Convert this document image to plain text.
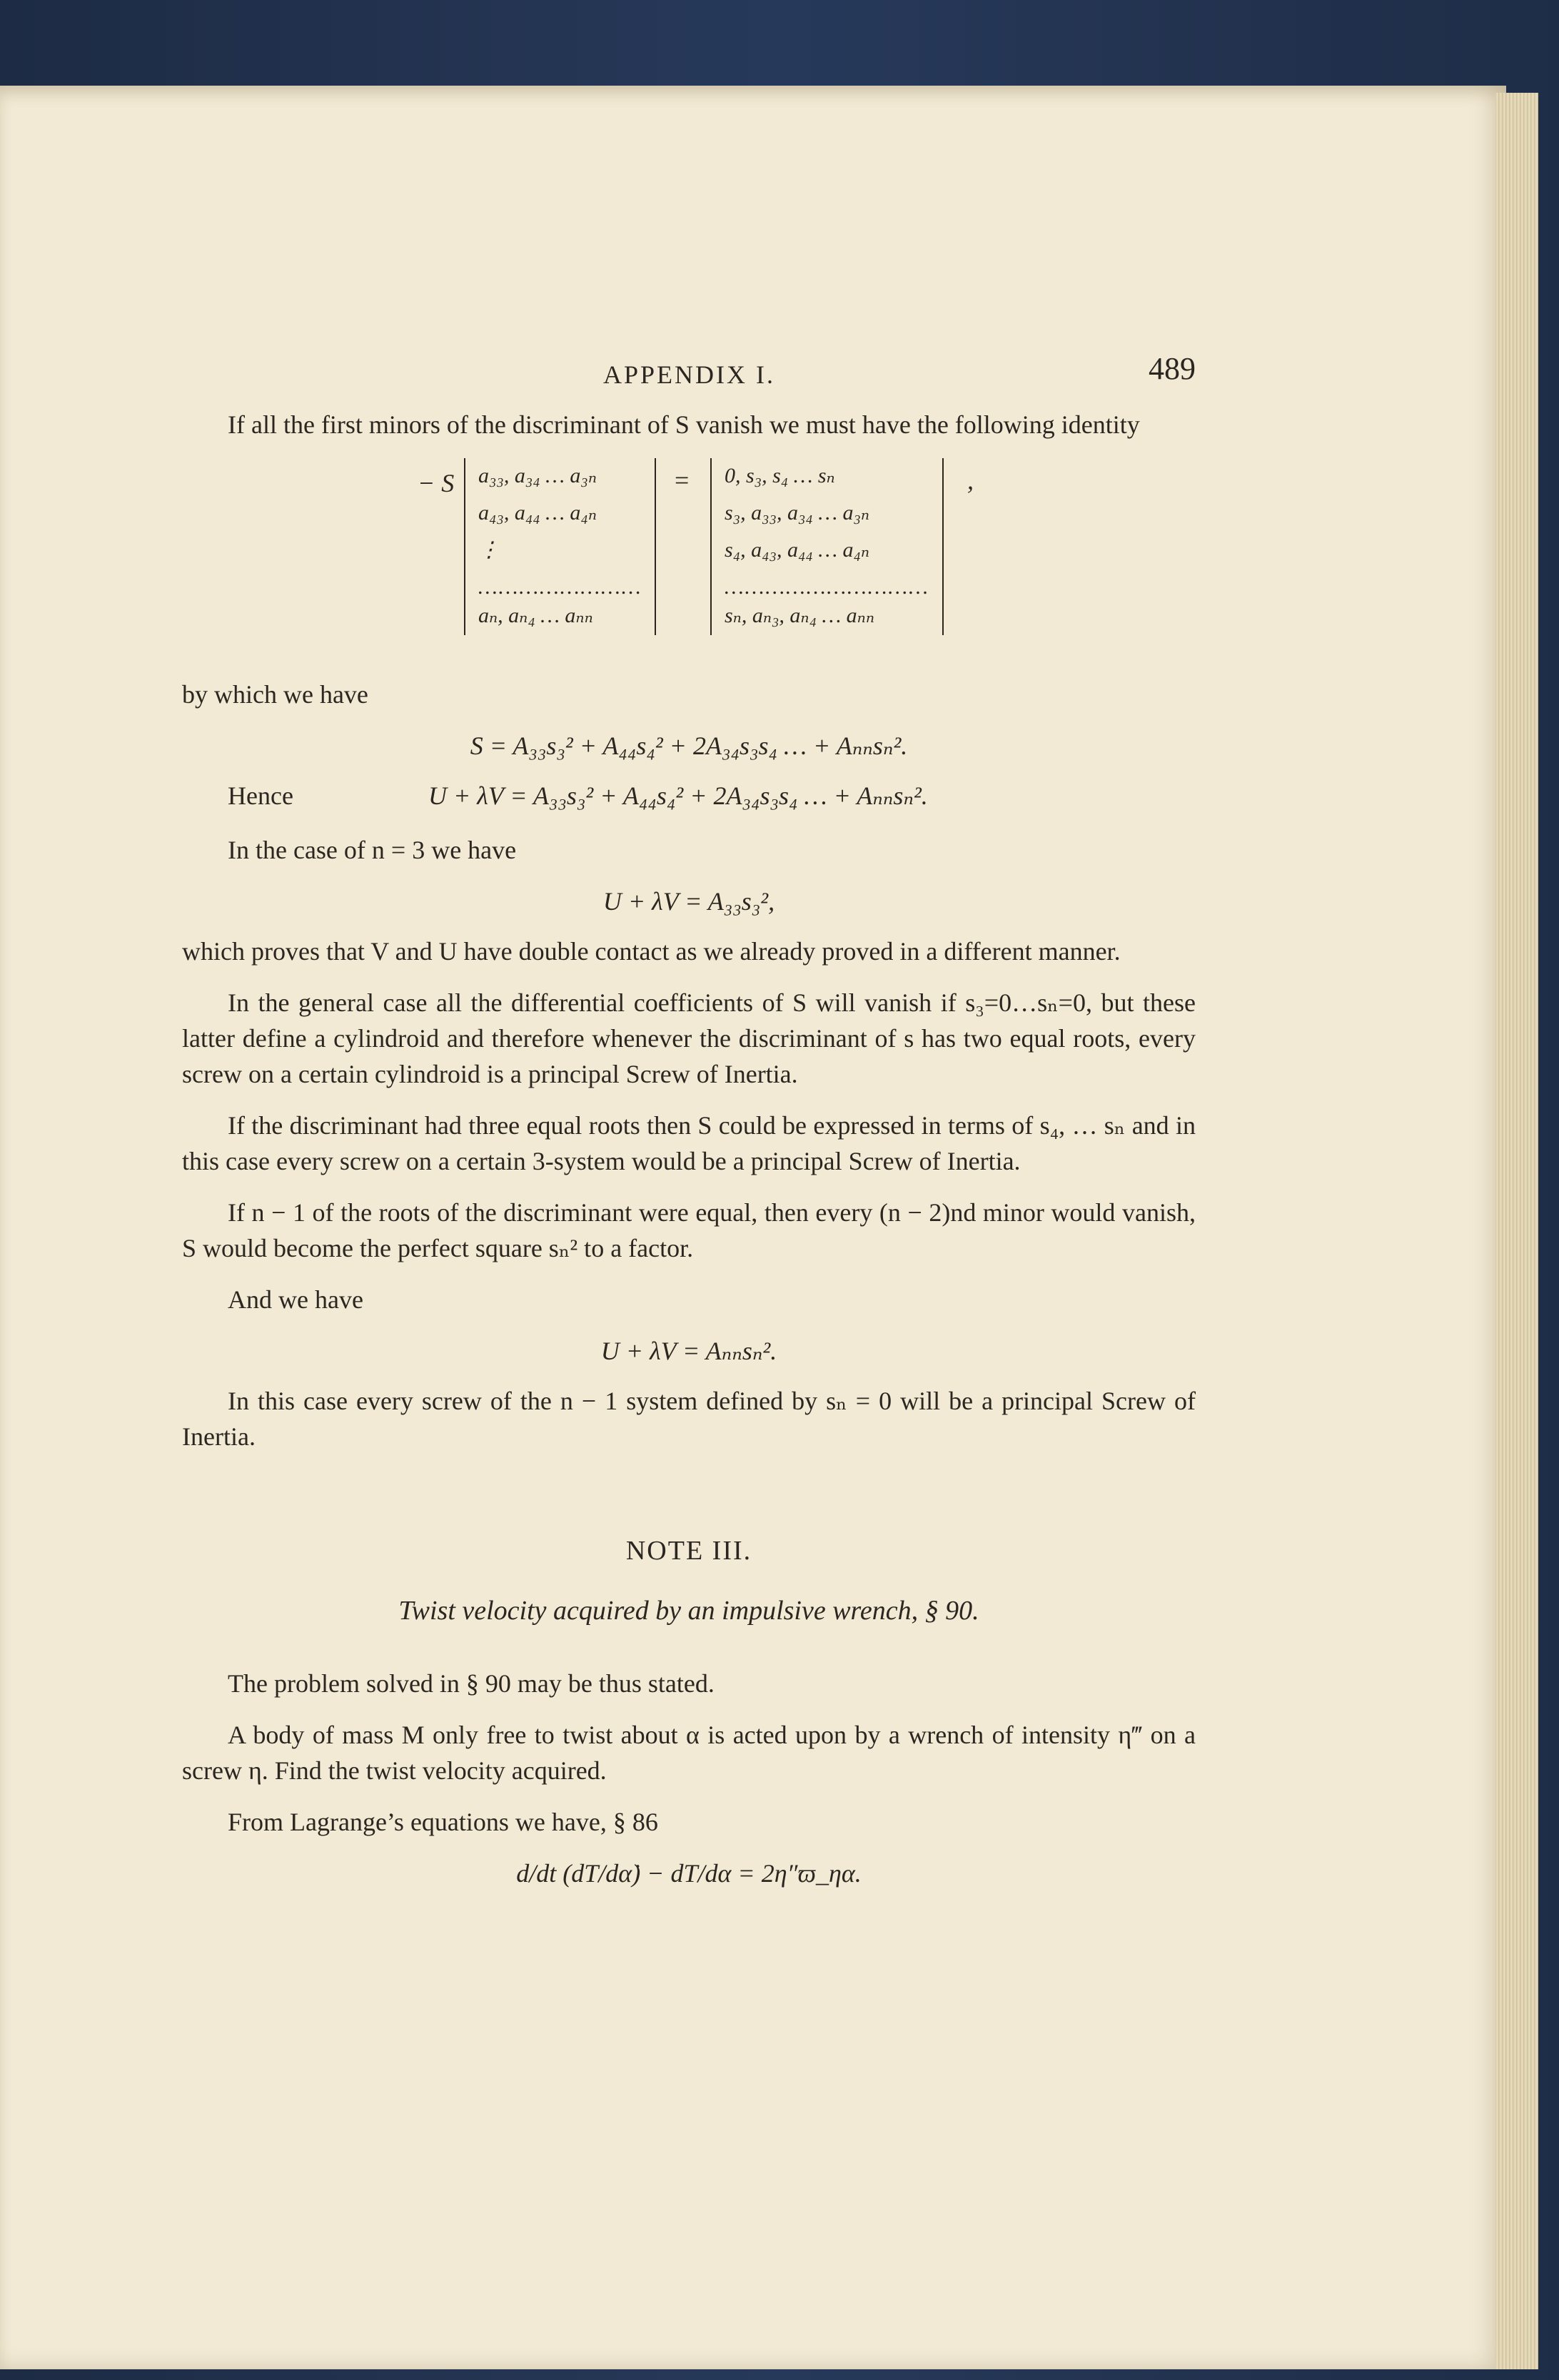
APPENDIX I.	489

If all the first minors of the discriminant of S vanish we must have the following identity

− S a₃₃, a₃₄ … a₃ₙ
a₄₃, a₄₄ … a₄ₙ
⋮
……………………
aₙ, aₙ₄ … aₙₙ
= 0, s₃, s₄ … sₙ
s₃, a₃₃, a₃₄ … a₃ₙ
s₄, a₄₃, a₄₄ … a₄ₙ
…………………………
sₙ, aₙ₃, aₙ₄ … aₙₙ
,

by which we have

S = A₃₃s₃² + A₄₄s₄² + 2A₃₄s₃s₄ … + Aₙₙsₙ².
Hence	U + λV = A₃₃s₃² + A₄₄s₄² + 2A₃₄s₃s₄ … + Aₙₙsₙ².

In the case of n = 3 we have

U + λV = A₃₃s₃²,

which proves that V and U have double contact as we already proved in a different manner.

In the general case all the differential coefficients of S will vanish if s₃=0…sₙ=0, but these latter define a cylindroid and therefore whenever the discriminant of s has two equal roots, every screw on a certain cylindroid is a principal Screw of Inertia.

If the discriminant had three equal roots then S could be expressed in terms of s₄, … sₙ and in this case every screw on a certain 3-system would be a principal Screw of Inertia.

If n − 1 of the roots of the discriminant were equal, then every (n − 2)nd minor would vanish, S would become the perfect square sₙ² to a factor.

And we have

U + λV = Aₙₙsₙ².

In this case every screw of the n − 1 system defined by sₙ = 0 will be a principal Screw of Inertia.

NOTE III.
Twist velocity acquired by an impulsive wrench, § 90.

The problem solved in § 90 may be thus stated.

A body of mass M only free to twist about α is acted upon by a wrench of intensity η‴ on a screw η. Find the twist velocity acquired.

From Lagrange’s equations we have, § 86

d/dt (dT/dα̇) − dT/dα = 2η″ϖ_ηα.
